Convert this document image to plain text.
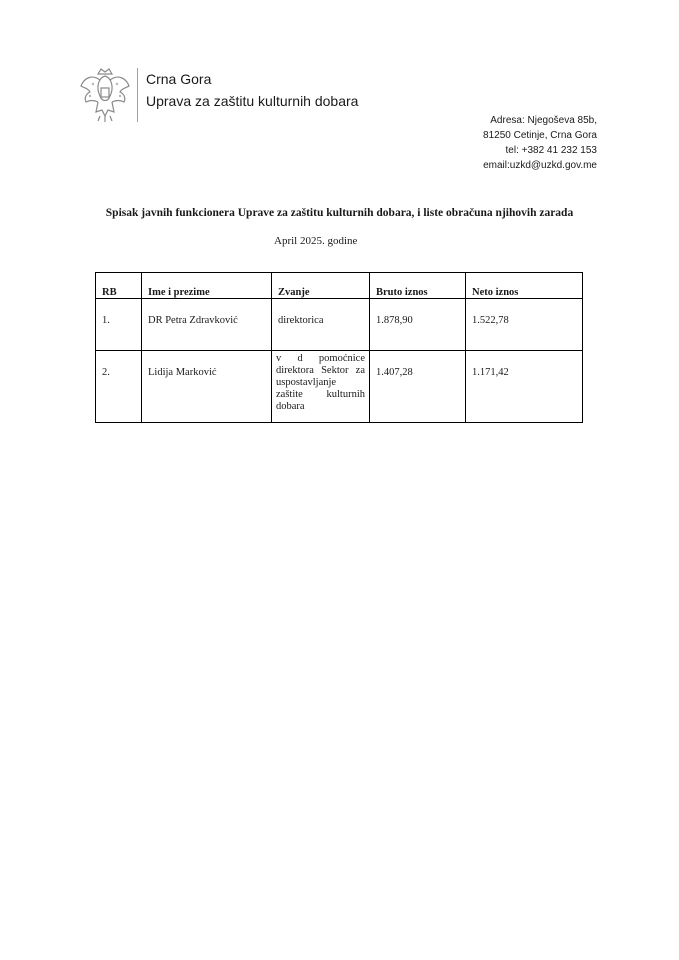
Crna Gora
Uprava za zaštitu kulturnih dobara
Adresa: Njegoševa 85b,
81250 Cetinje, Crna Gora
tel: +382 41 232 153
email:uzkd@uzkd.gov.me
Spisak javnih funkcionera Uprave za zaštitu kulturnih dobara, i liste obračuna njihovih zarada
April 2025. godine
RB	Ime i prezime	Zvanje	Bruto iznos	Neto iznos
1.	DR Petra Zdravković	direktorica	1.878,90	1.522,78
2.	Lidija Marković	v d pomoćnice direktora Sektor za uspostavljanje zaštite kulturnih dobara	1.407,28	1.171,42
